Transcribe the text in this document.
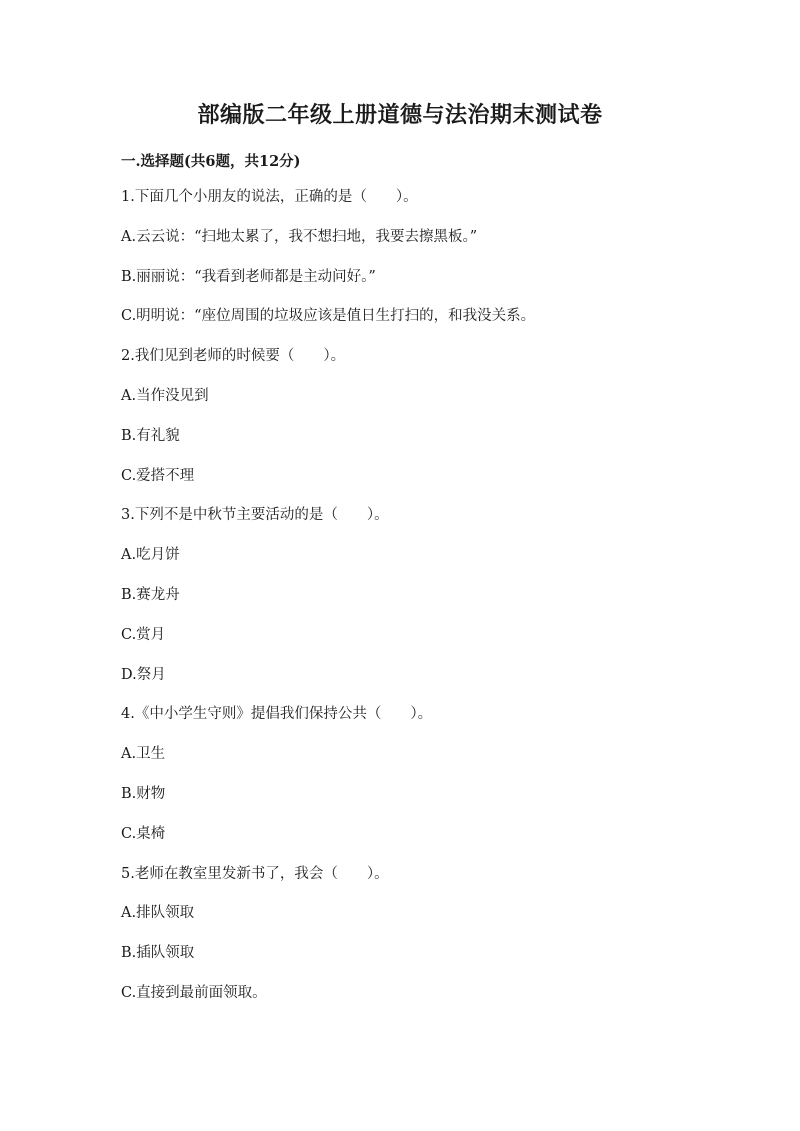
部编版二年级上册道德与法治期末测试卷
一.选择题(共6题，共12分)
1.下面几个小朋友的说法，正确的是（　　）。
A.云云说：“扫地太累了，我不想扫地，我要去擦黑板。”
B.丽丽说：“我看到老师都是主动问好。”
C.明明说：“座位周围的垃圾应该是值日生打扫的，和我没关系。
2.我们见到老师的时候要（　　）。
A.当作没见到
B.有礼貌
C.爱搭不理
3.下列不是中秋节主要活动的是（　　）。
A.吃月饼
B.赛龙舟
C.赏月
D.祭月
4.《中小学生守则》提倡我们保持公共（　　）。
A.卫生
B.财物
C.桌椅
5.老师在教室里发新书了，我会（　　）。
A.排队领取
B.插队领取
C.直接到最前面领取。
